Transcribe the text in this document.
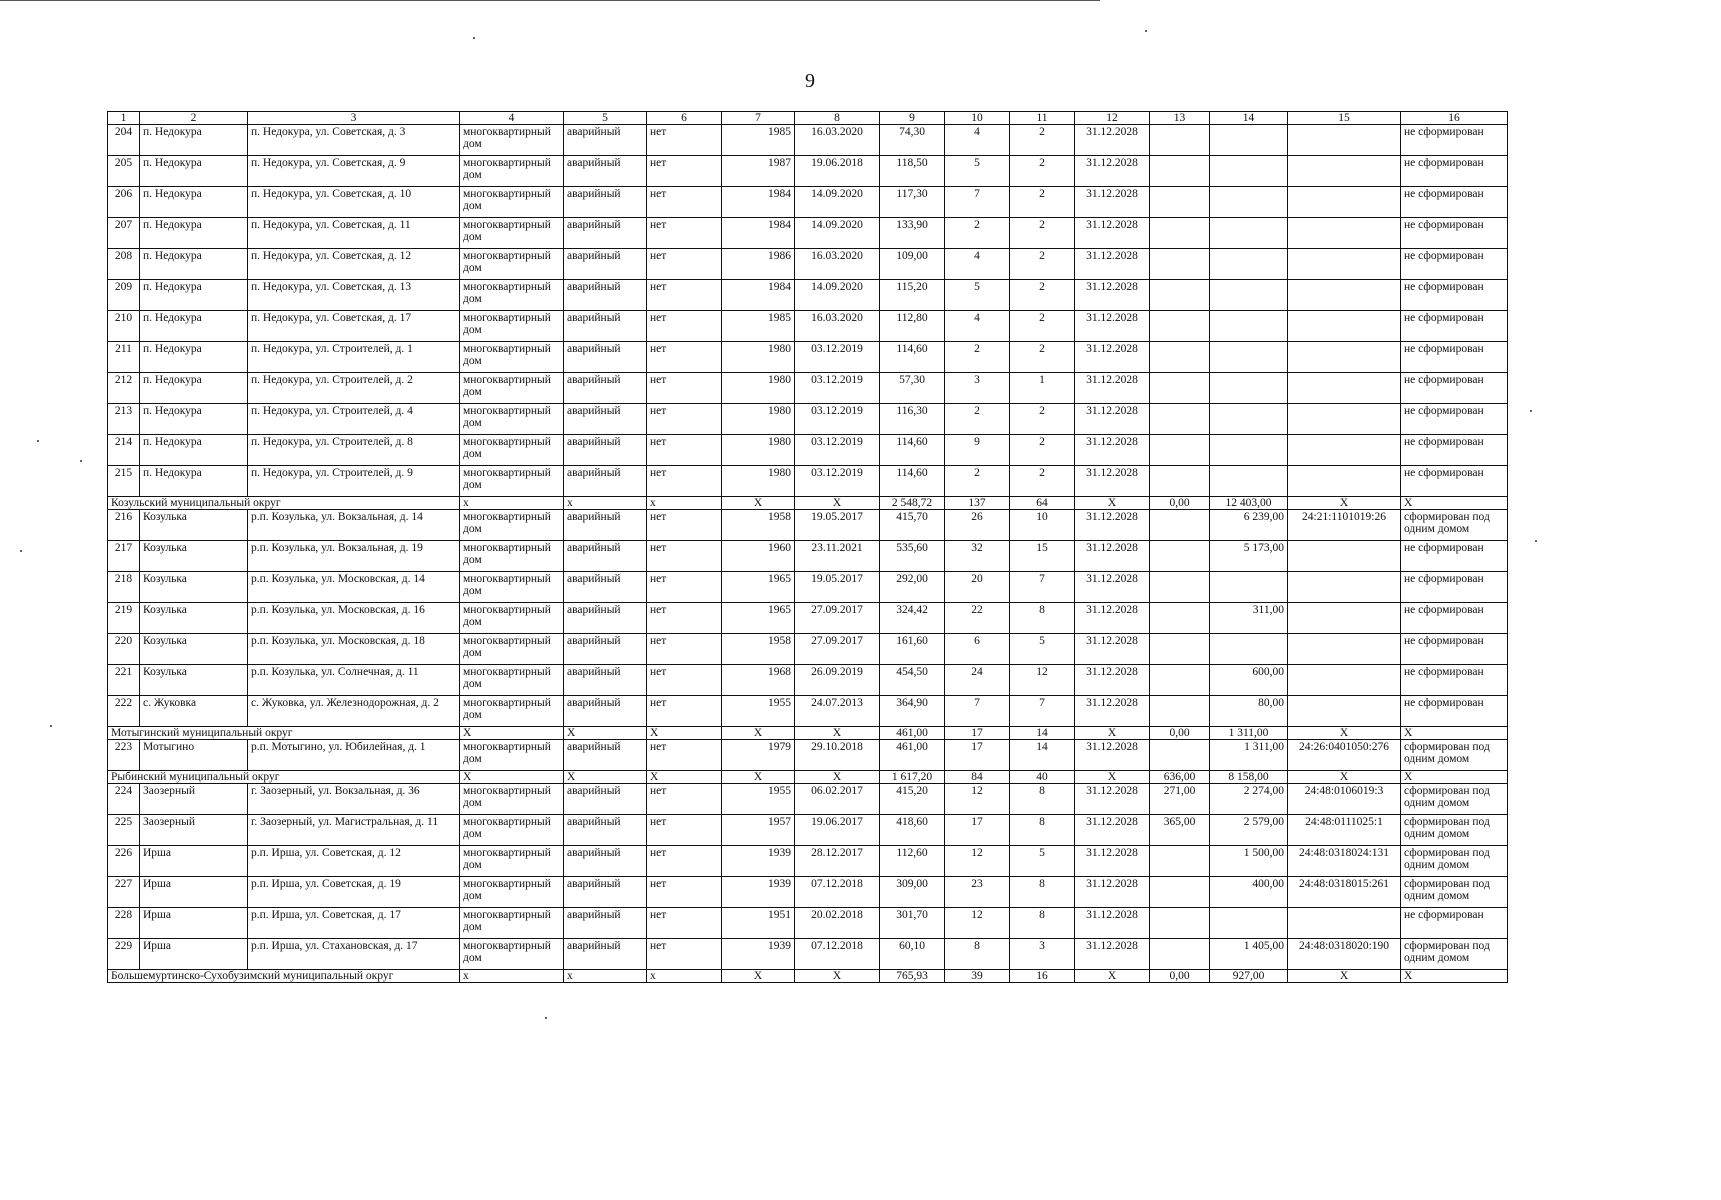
9
1	2	3	4	5	6	7	8	9	10	11	12	13	14	15	16
204	п. Недокура	п. Недокура, ул. Советская, д. 3	многоквартирный дом	аварийный	нет	1985	16.03.2020	74,30	4	2	31.12.2028				не сформирован
205	п. Недокура	п. Недокура, ул. Советская, д. 9	многоквартирный дом	аварийный	нет	1987	19.06.2018	118,50	5	2	31.12.2028				не сформирован
206	п. Недокура	п. Недокура, ул. Советская, д. 10	многоквартирный дом	аварийный	нет	1984	14.09.2020	117,30	7	2	31.12.2028				не сформирован
207	п. Недокура	п. Недокура, ул. Советская, д. 11	многоквартирный дом	аварийный	нет	1984	14.09.2020	133,90	2	2	31.12.2028				не сформирован
208	п. Недокура	п. Недокура, ул. Советская, д. 12	многоквартирный дом	аварийный	нет	1986	16.03.2020	109,00	4	2	31.12.2028				не сформирован
209	п. Недокура	п. Недокура, ул. Советская, д. 13	многоквартирный дом	аварийный	нет	1984	14.09.2020	115,20	5	2	31.12.2028				не сформирован
210	п. Недокура	п. Недокура, ул. Советская, д. 17	многоквартирный дом	аварийный	нет	1985	16.03.2020	112,80	4	2	31.12.2028				не сформирован
211	п. Недокура	п. Недокура, ул. Строителей, д. 1	многоквартирный дом	аварийный	нет	1980	03.12.2019	114,60	2	2	31.12.2028				не сформирован
212	п. Недокура	п. Недокура, ул. Строителей, д. 2	многоквартирный дом	аварийный	нет	1980	03.12.2019	57,30	3	1	31.12.2028				не сформирован
213	п. Недокура	п. Недокура, ул. Строителей, д. 4	многоквартирный дом	аварийный	нет	1980	03.12.2019	116,30	2	2	31.12.2028				не сформирован
214	п. Недокура	п. Недокура, ул. Строителей, д. 8	многоквартирный дом	аварийный	нет	1980	03.12.2019	114,60	9	2	31.12.2028				не сформирован
215	п. Недокура	п. Недокура, ул. Строителей, д. 9	многоквартирный дом	аварийный	нет	1980	03.12.2019	114,60	2	2	31.12.2028				не сформирован
Козульский муниципальный округ			x	x	x	X	X	2 548,72	137	64	X	0,00	12 403,00	X	X
216	Козулька	р.п. Козулька, ул. Вокзальная, д. 14	многоквартирный дом	аварийный	нет	1958	19.05.2017	415,70	26	10	31.12.2028		6 239,00	24:21:1101019:26	сформирован под одним домом
217	Козулька	р.п. Козулька, ул. Вокзальная, д. 19	многоквартирный дом	аварийный	нет	1960	23.11.2021	535,60	32	15	31.12.2028		5 173,00		не сформирован
218	Козулька	р.п. Козулька, ул. Московская, д. 14	многоквартирный дом	аварийный	нет	1965	19.05.2017	292,00	20	7	31.12.2028				не сформирован
219	Козулька	р.п. Козулька, ул. Московская, д. 16	многоквартирный дом	аварийный	нет	1965	27.09.2017	324,42	22	8	31.12.2028		311,00		не сформирован
220	Козулька	р.п. Козулька, ул. Московская, д. 18	многоквартирный дом	аварийный	нет	1958	27.09.2017	161,60	6	5	31.12.2028				не сформирован
221	Козулька	р.п. Козулька, ул. Солнечная, д. 11	многоквартирный дом	аварийный	нет	1968	26.09.2019	454,50	24	12	31.12.2028		600,00		не сформирован
222	с. Жуковка	с. Жуковка, ул. Железнодорожная, д. 2	многоквартирный дом	аварийный	нет	1955	24.07.2013	364,90	7	7	31.12.2028		80,00		не сформирован
Мотыгинский муниципальный округ			X	X	X	X	X	461,00	17	14	X	0,00	1 311,00	X	X
223	Мотыгино	р.п. Мотыгино, ул. Юбилейная, д. 1	многоквартирный дом	аварийный	нет	1979	29.10.2018	461,00	17	14	31.12.2028		1 311,00	24:26:0401050:276	сформирован под одним домом
Рыбинский муниципальный округ			X	X	X	X	X	1 617,20	84	40	X	636,00	8 158,00	X	X
224	Заозерный	г. Заозерный, ул. Вокзальная, д. 36	многоквартирный дом	аварийный	нет	1955	06.02.2017	415,20	12	8	31.12.2028	271,00	2 274,00	24:48:0106019:3	сформирован под одним домом
225	Заозерный	г. Заозерный, ул. Магистральная, д. 11	многоквартирный дом	аварийный	нет	1957	19.06.2017	418,60	17	8	31.12.2028	365,00	2 579,00	24:48:0111025:1	сформирован под одним домом
226	Ирша	р.п. Ирша, ул. Советская, д. 12	многоквартирный дом	аварийный	нет	1939	28.12.2017	112,60	12	5	31.12.2028		1 500,00	24:48:0318024:131	сформирован под одним домом
227	Ирша	р.п. Ирша, ул. Советская, д. 19	многоквартирный дом	аварийный	нет	1939	07.12.2018	309,00	23	8	31.12.2028		400,00	24:48:0318015:261	сформирован под одним домом
228	Ирша	р.п. Ирша, ул. Советская, д. 17	многоквартирный дом	аварийный	нет	1951	20.02.2018	301,70	12	8	31.12.2028				не сформирован
229	Ирша	р.п. Ирша, ул. Стахановская, д. 17	многоквартирный дом	аварийный	нет	1939	07.12.2018	60,10	8	3	31.12.2028		1 405,00	24:48:0318020:190	сформирован под одним домом
Большемуртинско-Сухобузимский муниципальный округ			x	x	x	X	X	765,93	39	16	X	0,00	927,00	X	X
